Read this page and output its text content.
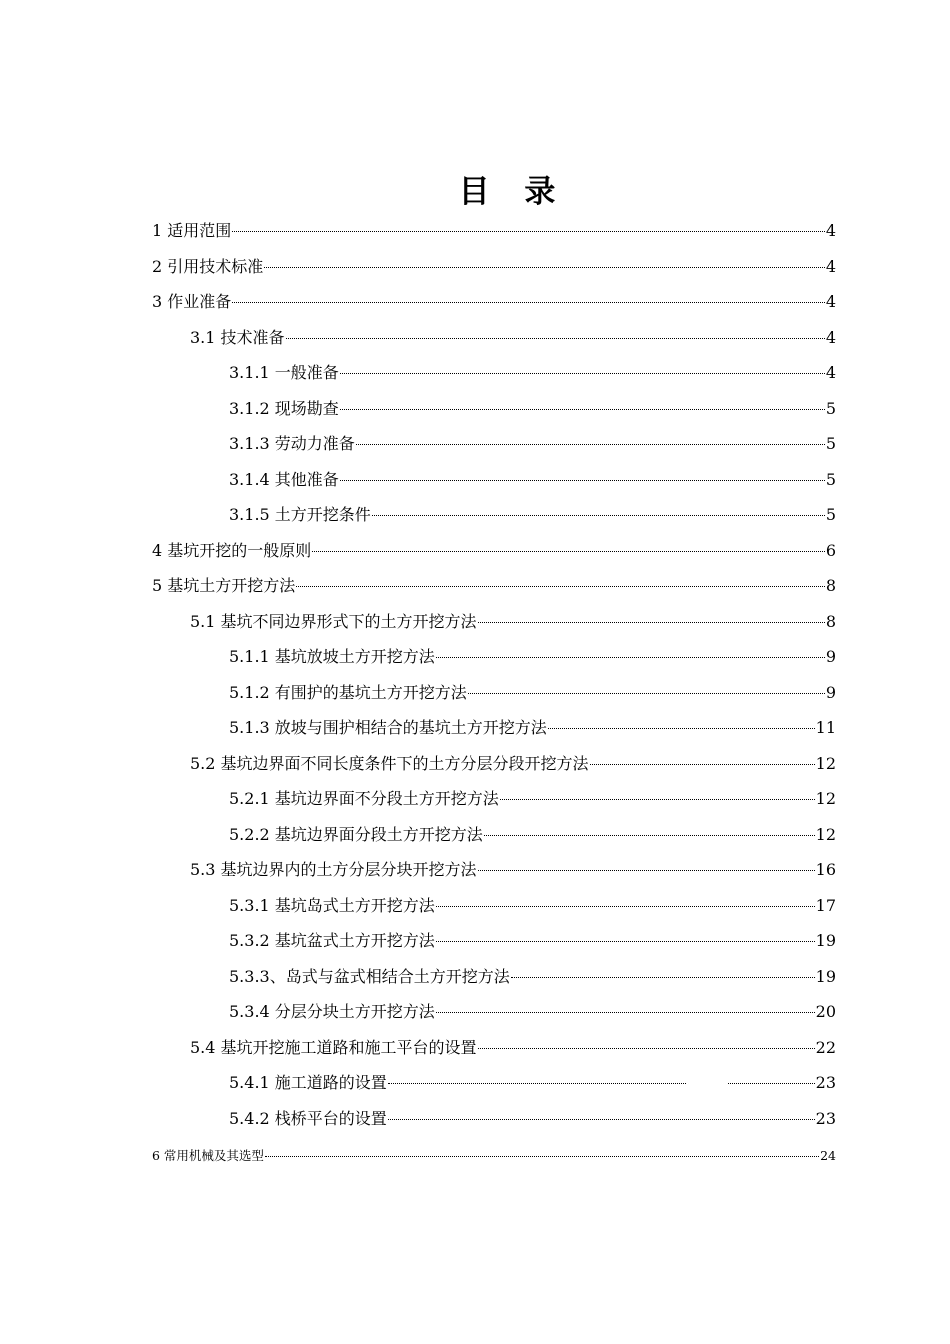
目 录
1 适用范围	4
2 引用技术标准	4
3 作业准备	4
3.1 技术准备	4
3.1.1 一般准备	4
3.1.2 现场勘查	5
3.1.3 劳动力准备	5
3.1.4 其他准备	5
3.1.5 土方开挖条件	5
4 基坑开挖的一般原则	6
5 基坑土方开挖方法	8
5.1 基坑不同边界形式下的土方开挖方法	8
5.1.1 基坑放坡土方开挖方法	9
5.1.2 有围护的基坑土方开挖方法	9
5.1.3 放坡与围护相结合的基坑土方开挖方法	11
5.2 基坑边界面不同长度条件下的土方分层分段开挖方法	12
5.2.1 基坑边界面不分段土方开挖方法	12
5.2.2 基坑边界面分段土方开挖方法	12
5.3 基坑边界内的土方分层分块开挖方法	16
5.3.1 基坑岛式土方开挖方法	17
5.3.2 基坑盆式土方开挖方法	19
5.3.3、岛式与盆式相结合土方开挖方法	19
5.3.4 分层分块土方开挖方法	20
5.4 基坑开挖施工道路和施工平台的设置	22
5.4.1 施工道路的设置	23
5.4.2 栈桥平台的设置	23
6 常用机械及其选型	24
